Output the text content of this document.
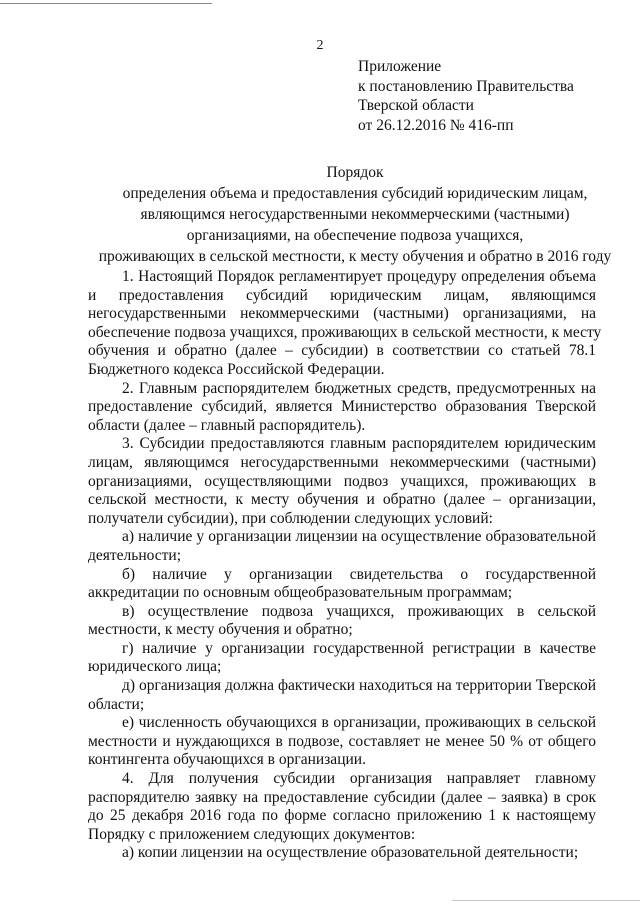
2
Приложение
к постановлению Правительства
Тверской области
от 26.12.2016 № 416-пп
Порядок
определения объема и предоставления субсидий юридическим лицам,
являющимся негосударственными некоммерческими (частными)
организациями, на обеспечение подвоза учащихся,
проживающих в сельской местности, к месту обучения и обратно в 2016 году
1. Настоящий Порядок регламентирует процедуру определения объема
и предоставления субсидий юридическим лицам, являющимся
негосударственными некоммерческими (частными) организациями, на
обеспечение подвоза учащихся, проживающих в сельской местности, к месту
обучения и обратно (далее – субсидии) в соответствии со статьей 78.1
Бюджетного кодекса Российской Федерации.
2. Главным распорядителем бюджетных средств, предусмотренных на
предоставление субсидий, является Министерство образования Тверской
области (далее – главный распорядитель).
3. Субсидии предоставляются главным распорядителем юридическим
лицам, являющимся негосударственными некоммерческими (частными)
организациями, осуществляющими подвоз учащихся, проживающих в
сельской местности, к месту обучения и обратно (далее – организации,
получатели субсидии), при соблюдении следующих условий:
а) наличие у организации лицензии на осуществление образовательной
деятельности;
б) наличие у организации свидетельства о государственной
аккредитации по основным общеобразовательным программам;
в) осуществление подвоза учащихся, проживающих в сельской
местности, к месту обучения и обратно;
г) наличие у организации государственной регистрации в качестве
юридического лица;
д) организация должна фактически находиться на территории Тверской
области;
е) численность обучающихся в организации, проживающих в сельской
местности и нуждающихся в подвозе, составляет не менее 50 % от общего
контингента обучающихся в организации.
4. Для получения субсидии организация направляет главному
распорядителю заявку на предоставление субсидии (далее – заявка) в срок
до 25 декабря 2016 года по форме согласно приложению 1 к настоящему
Порядку с приложением следующих документов:
а) копии лицензии на осуществление образовательной деятельности;
